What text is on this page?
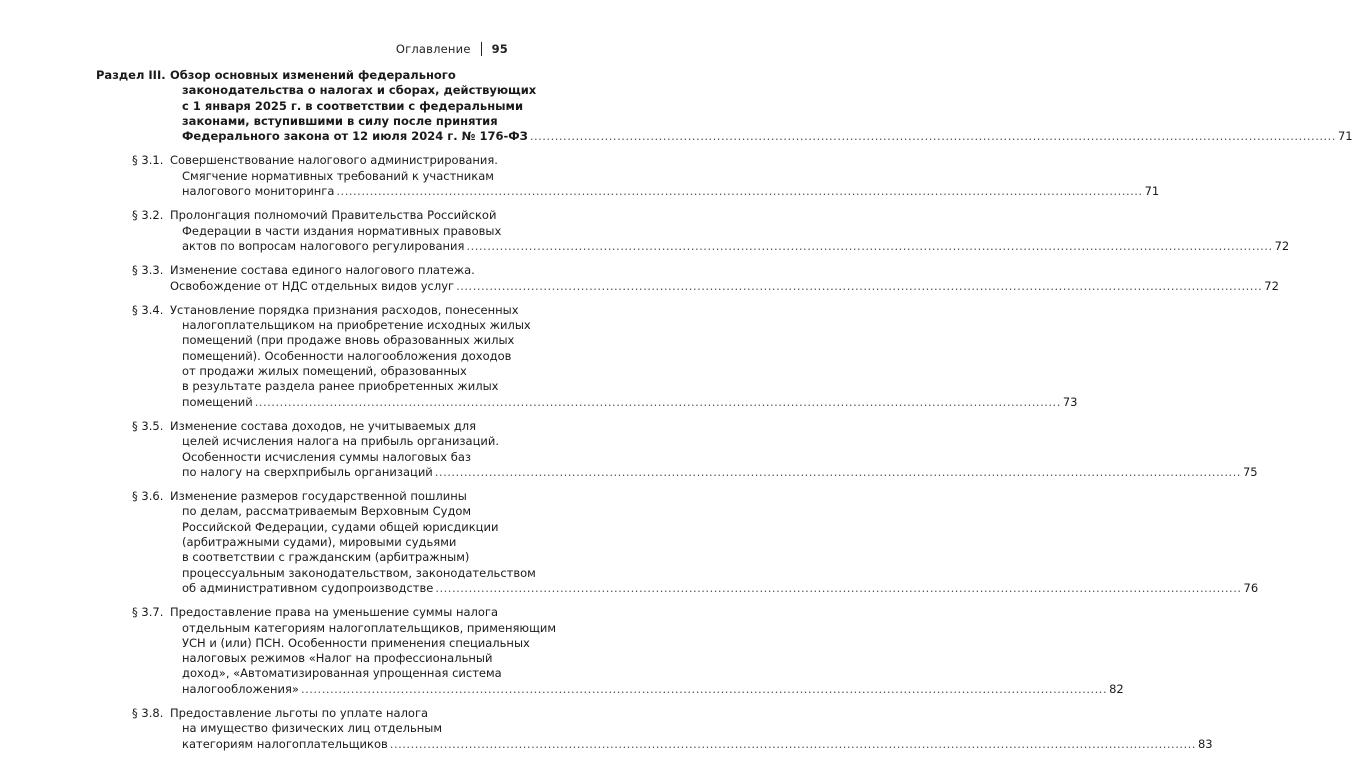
Оглавление 95
Раздел III. Обзор основных изменений федерального
законодательства о налогах и сборах, действующих
с 1 января 2025 г. в соответствии с федеральными
законами, вступившими в силу после принятия
Федерального закона от 12 июля 2024 г. № 176-ФЗ .....	71
§ 3.1. Совершенствование налогового администрирования.
Смягчение нормативных требований к участникам
налогового мониторинга .....	71
§ 3.2. Пролонгация полномочий Правительства Российской
Федерации в части издания нормативных правовых
актов по вопросам налогового регулирования .....	72
§ 3.3. Изменение состава единого налогового платежа.
Освобождение от НДС отдельных видов услуг .....	72
§ 3.4. Установление порядка признания расходов, понесенных
налогоплательщиком на приобретение исходных жилых
помещений (при продаже вновь образованных жилых
помещений). Особенности налогообложения доходов
от продажи жилых помещений, образованных
в результате раздела ранее приобретенных жилых
помещений .....	73
§ 3.5. Изменение состава доходов, не учитываемых для
целей исчисления налога на прибыль организаций.
Особенности исчисления суммы налоговых баз
по налогу на сверхприбыль организаций .....	75
§ 3.6. Изменение размеров государственной пошлины
по делам, рассматриваемым Верховным Судом
Российской Федерации, судами общей юрисдикции
(арбитражными судами), мировыми судьями
в соответствии с гражданским (арбитражным)
процессуальным законодательством, законодательством
об административном судопроизводстве .....	76
§ 3.7. Предоставление права на уменьшение суммы налога
отдельным категориям налогоплательщиков, применяющим
УСН и (или) ПСН. Особенности применения специальных
налоговых режимов «Налог на профессиональный
доход», «Автоматизированная упрощенная система
налогообложения» .....	82
§ 3.8. Предоставление льготы по уплате налога
на имущество физических лиц отдельным
категориям налогоплательщиков .....	83
